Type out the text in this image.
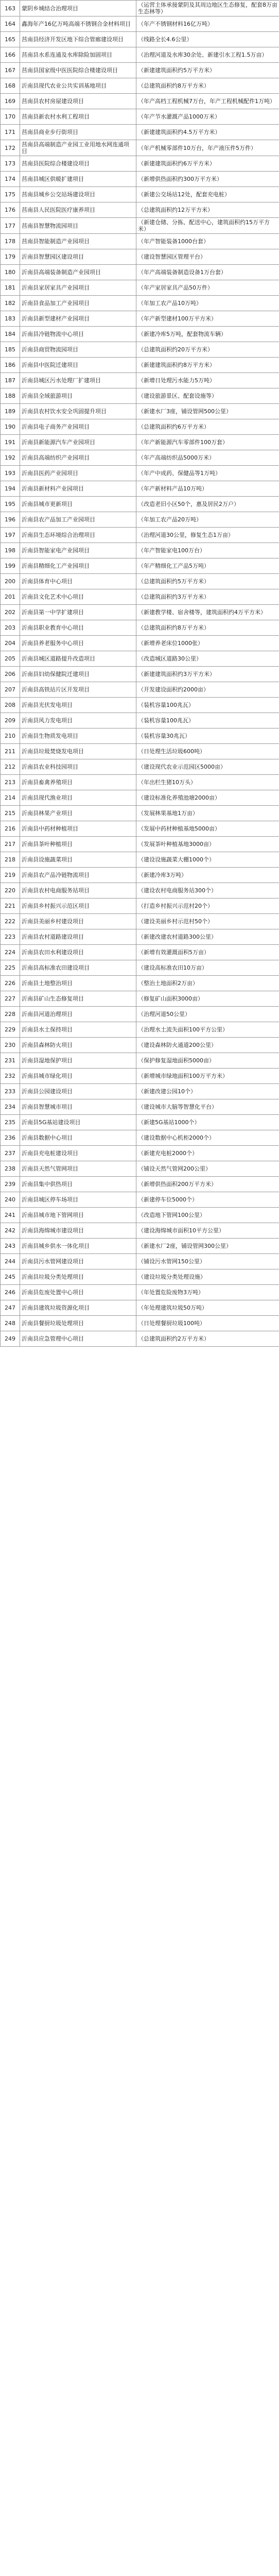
163	蒙阴乡城结合治理项目	（运营主体承接蒙阴及其周边地区生态修复，配套8万亩生态林等）
164	鑫海年产16亿万吨高端不锈钢合金材料项目	（年产不锈钢材料16亿万吨）
165	莒南县经济开发区地下综合管廊建设项目	（线路全长4.6公里）
166	莒南县水系连通及水库除险加固项目	（治理河道及水库30余处、新建引水工程1.5万亩）
167	莒南县国家级中医医院综合楼建设项目	（新建建筑面积约5万平方米）
168	沂南县现代农业公共实训基地项目	（总建筑面积约8万平方米）
169	莒南县农村房屋建设项目	（年产高档工程机械7万台，年产工程机械配件1万吨）
170	莒南县新农村水利工程项目	（年产节水灌溉产品1000万米）
171	莒南县商业步行街项目	（新建建筑面积约4.5万平方米）
172	莒南县高端制造产业园工业用地水网连通项目	（年产机械零部件10万台，年产液压件5万件）
173	莒南县医院综合楼建设项目	（新建建筑面积约6万平方米）
174	莒南县城区供暖扩建项目	（新增供热面积约300万平方米）
175	莒南县城乡公交站场建设项目	（新建公交场站12处，配套充电桩）
176	莒南县人民医院医疗康养项目	（总建筑面积约12万平方米）
177	莒南县智慧物流园项目	（新建仓储、分拣、配送中心，建筑面积约15万平方米）
178	莒南县智能制造产业园项目	（年产智能装备1000台套）
179	沂南县智慧园区建设项目	（建设智慧园区管理平台）
180	沂南县高端装备制造产业园项目	（年产高端装备制造设备1万台套）
181	沂南县家居家具产业园项目	（年产家居家具产品50万件）
182	沂南县食品加工产业园项目	（年加工农产品10万吨）
183	沂南县新型建材产业园项目	（年产新型建材100万平方米）
184	沂南县冷链物流中心项目	（新建冷库5万吨，配套物流车辆）
185	沂南县商贸物流园项目	（总建筑面积约20万平方米）
186	沂南县中医院迁建项目	（新建建筑面积约8万平方米）
187	沂南县城区污水处理厂扩建项目	（新增日处理污水能力5万吨）
188	沂南县全域旅游项目	（建设旅游景区、配套设施等）
189	沂南县农村饮水安全巩固提升项目	（新建水厂3座，铺设管网500公里）
190	沂南县电子商务产业园项目	（总建筑面积约6万平方米）
191	沂南县新能源汽车产业园项目	（年产新能源汽车零部件100万套）
192	沂南县高端纺织产业园项目	（年产高端纺织品5000万米）
193	沂南县医药产业园项目	（年产中成药、保健品等1万吨）
194	沂南县新材料产业园项目	（年产新材料产品10万吨）
195	沂南县城市更新项目	（改造老旧小区50个，惠及居民2万户）
196	沂南县农产品加工产业园项目	（年加工农产品20万吨）
197	沂南县生态环境综合治理项目	（治理河道30公里，修复生态1万亩）
198	沂南县智能家电产业园项目	（年产智能家电100万台）
199	沂南县精细化工产业园项目	（年产精细化工产品5万吨）
200	沂南县体育中心项目	（总建筑面积约5万平方米）
201	沂南县文化艺术中心项目	（总建筑面积约3万平方米）
202	沂南县第一中学扩建项目	（新建教学楼、宿舍楼等，建筑面积约4万平方米）
203	沂南县职业教育中心项目	（总建筑面积约8万平方米）
204	沂南县养老服务中心项目	（新增养老床位1000张）
205	沂南县城区道路提升改造项目	（改造城区道路30公里）
206	沂南县妇幼保健院迁建项目	（新建建筑面积约3万平方米）
207	沂南县高铁站片区开发项目	（开发建设面积约2000亩）
208	沂南县光伏发电项目	（装机容量100兆瓦）
209	沂南县风力发电项目	（装机容量100兆瓦）
210	沂南县生物质发电项目	（装机容量30兆瓦）
211	沂南县垃圾焚烧发电项目	（日处理生活垃圾600吨）
212	沂南县农业科技园项目	（建设现代农业示范园区5000亩）
213	沂南县畜禽养殖项目	（年出栏生猪10万头）
214	沂南县现代渔业项目	（建设标准化养殖池塘2000亩）
215	沂南县林果产业项目	（发展林果基地1万亩）
216	沂南县中药材种植项目	（发展中药材种植基地5000亩）
217	沂南县茶叶种植项目	（发展茶叶种植基地3000亩）
218	沂南县设施蔬菜项目	（建设设施蔬菜大棚1000个）
219	沂南县农产品冷链物流项目	（新建冷库3万吨）
220	沂南县农村电商服务站项目	（建设农村电商服务站300个）
221	沂南县乡村振兴示范区项目	（打造乡村振兴示范村20个）
222	沂南县美丽乡村建设项目	（建设美丽乡村示范村50个）
223	沂南县农村道路建设项目	（新建改建农村道路300公里）
224	沂南县农田水利建设项目	（新增有效灌溉面积5万亩）
225	沂南县高标准农田建设项目	（建设高标准农田10万亩）
226	沂南县土地整治项目	（整治土地面积2万亩）
227	沂南县矿山生态修复项目	（修复矿山面积3000亩）
228	沂南县河道治理项目	（治理河道50公里）
229	沂南县水土保持项目	（治理水土流失面积100平方公里）
230	沂南县森林防火项目	（建设森林防火通道200公里）
231	沂南县湿地保护项目	（保护修复湿地面积5000亩）
232	沂南县城市绿化项目	（新增城市绿地面积100万平方米）
233	沂南县公园建设项目	（新建改建公园10个）
234	沂南县智慧城市项目	（建设城市大脑等智慧化平台）
235	沂南县5G基站建设项目	（新建5G基站1000个）
236	沂南县数据中心项目	（建设数据中心机柜2000个）
237	沂南县充电桩建设项目	（新建充电桩2000个）
238	沂南县天然气管网项目	（铺设天然气管网200公里）
239	沂南县集中供热项目	（新增供热面积200万平方米）
240	沂南县城区停车场项目	（新建停车位5000个）
241	沂南县城市地下管网项目	（改造地下管网100公里）
242	沂南县海绵城市建设项目	（建设海绵城市面积10平方公里）
243	沂南县城乡供水一体化项目	（新建水厂2座，铺设管网300公里）
244	沂南县污水管网建设项目	（铺设污水管网150公里）
245	沂南县垃圾分类处理项目	（建设垃圾分类处理设施）
246	沂南县危废处置中心项目	（年处置危险废物3万吨）
247	沂南县建筑垃圾资源化项目	（年处理建筑垃圾50万吨）
248	沂南县餐厨垃圾处理项目	（日处理餐厨垃圾100吨）
249	沂南县应急管理中心项目	（总建筑面积约2万平方米）
